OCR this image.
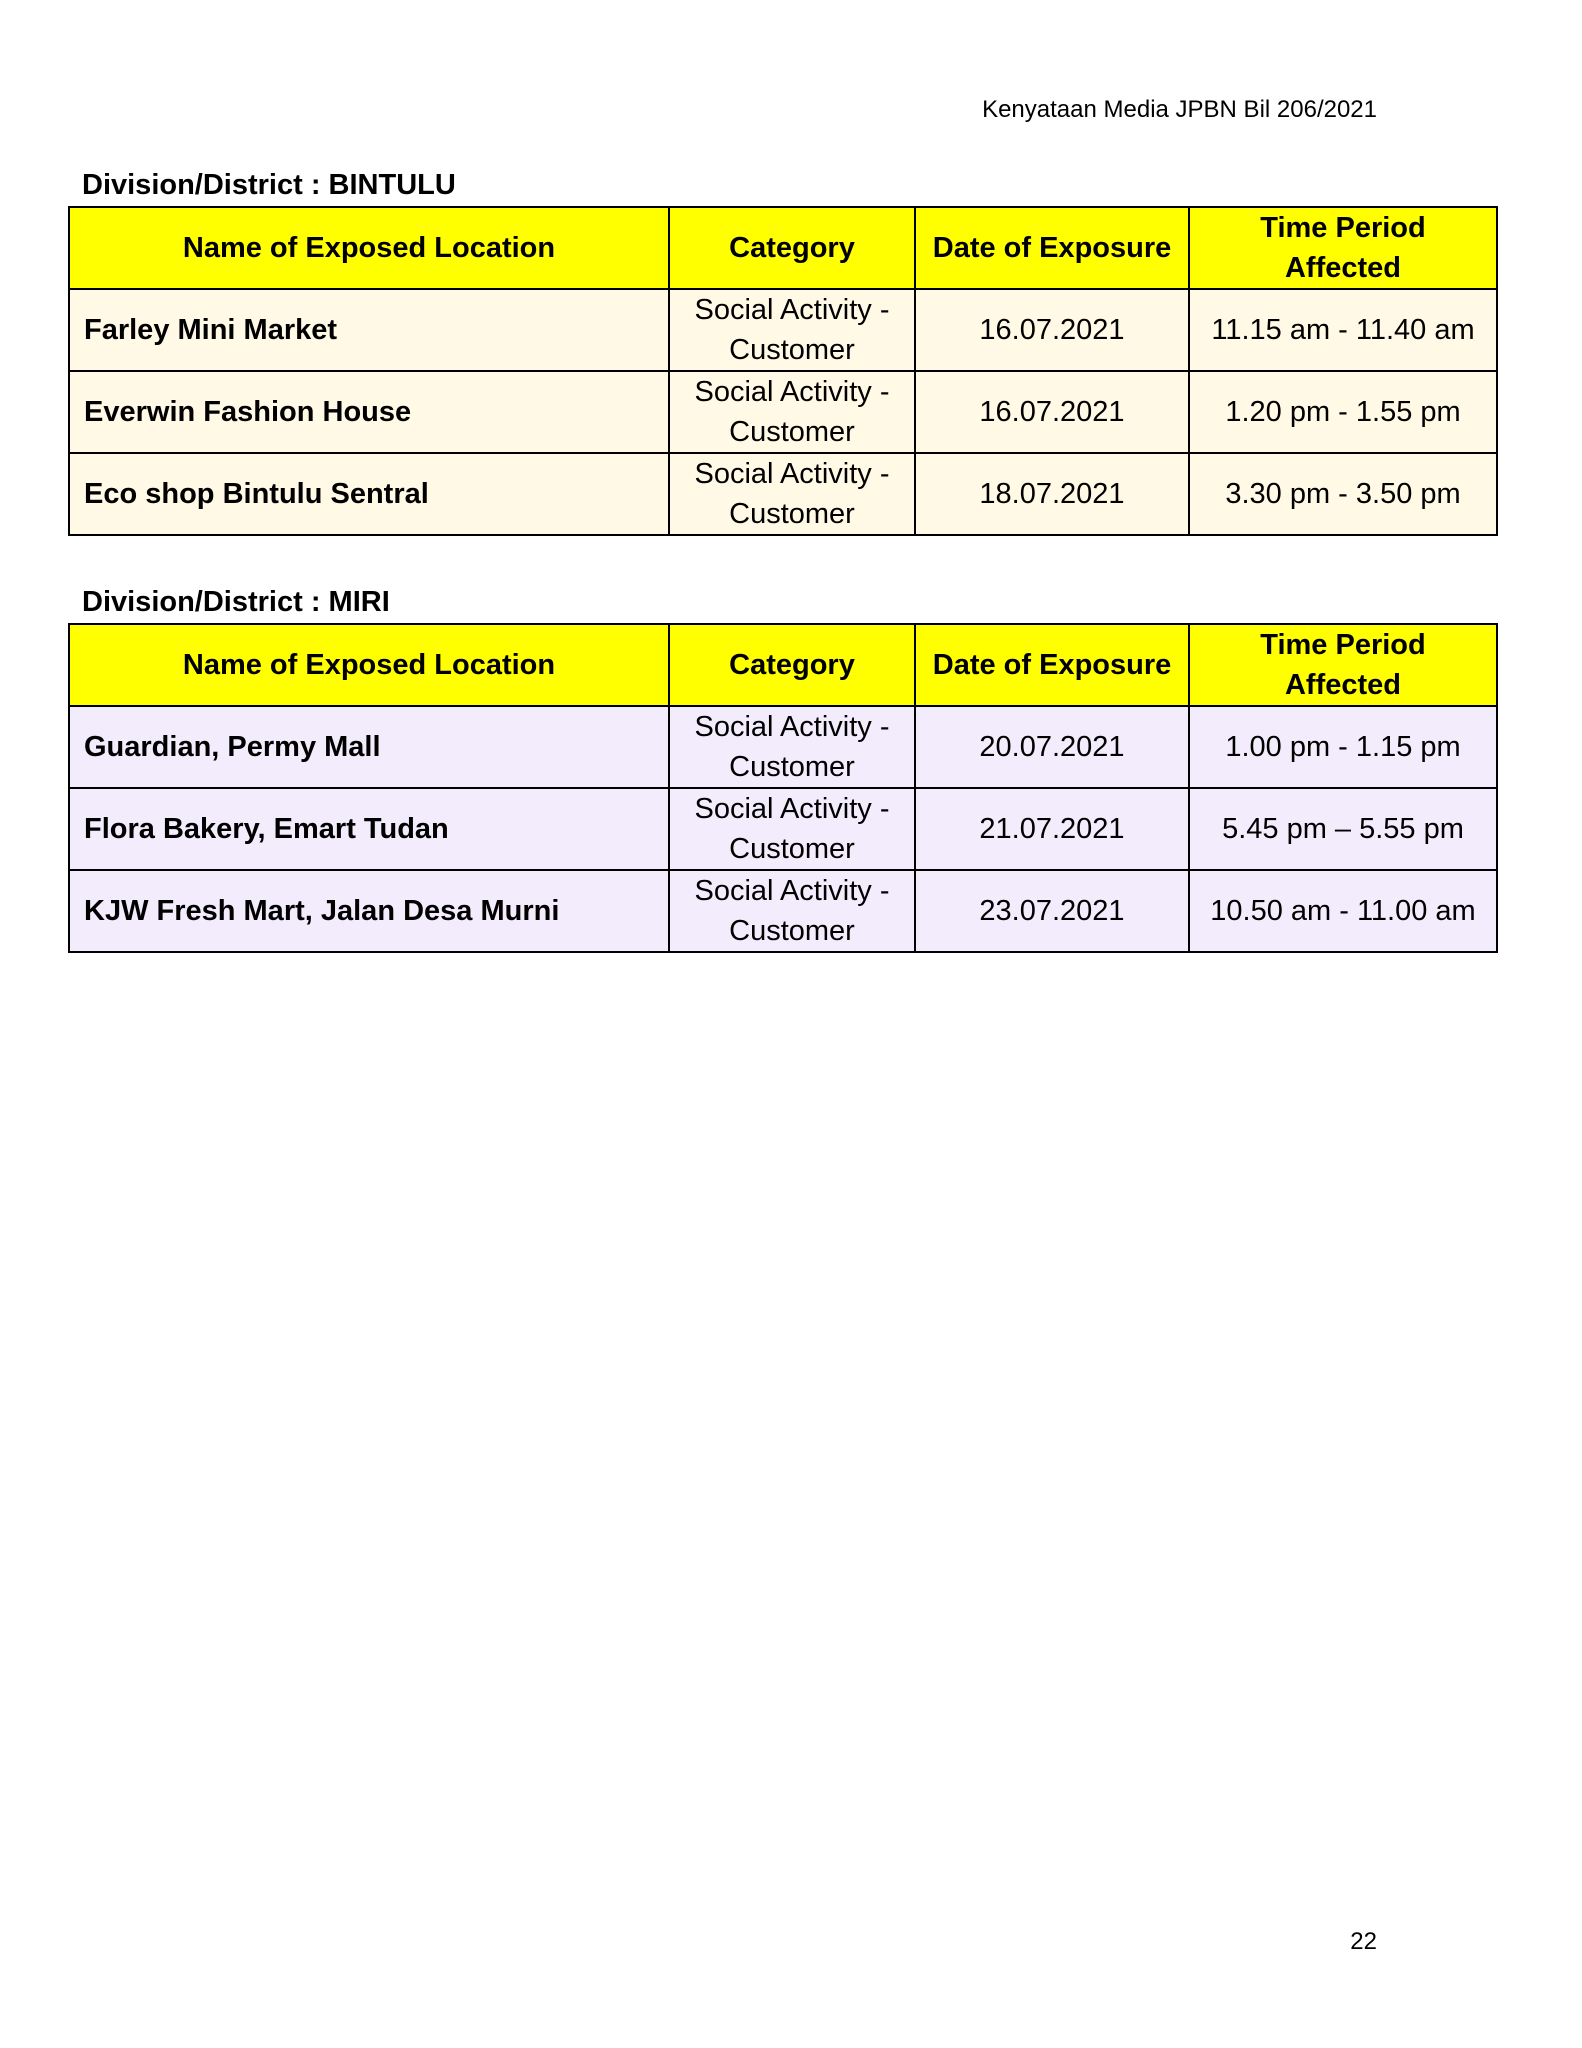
Kenyataan Media JPBN Bil 206/2021
Division/District : BINTULU
Name of Exposed Location	Category	Date of Exposure	Time Period Affected
Farley Mini Market	Social Activity - Customer	16.07.2021	11.15 am - 11.40 am
Everwin Fashion House	Social Activity - Customer	16.07.2021	1.20 pm - 1.55 pm
Eco shop Bintulu Sentral	Social Activity - Customer	18.07.2021	3.30 pm - 3.50 pm
Division/District : MIRI
Name of Exposed Location	Category	Date of Exposure	Time Period Affected
Guardian, Permy Mall	Social Activity - Customer	20.07.2021	1.00 pm - 1.15 pm
Flora Bakery, Emart Tudan	Social Activity - Customer	21.07.2021	5.45 pm – 5.55 pm
KJW Fresh Mart, Jalan Desa Murni	Social Activity - Customer	23.07.2021	10.50 am - 11.00 am
22
